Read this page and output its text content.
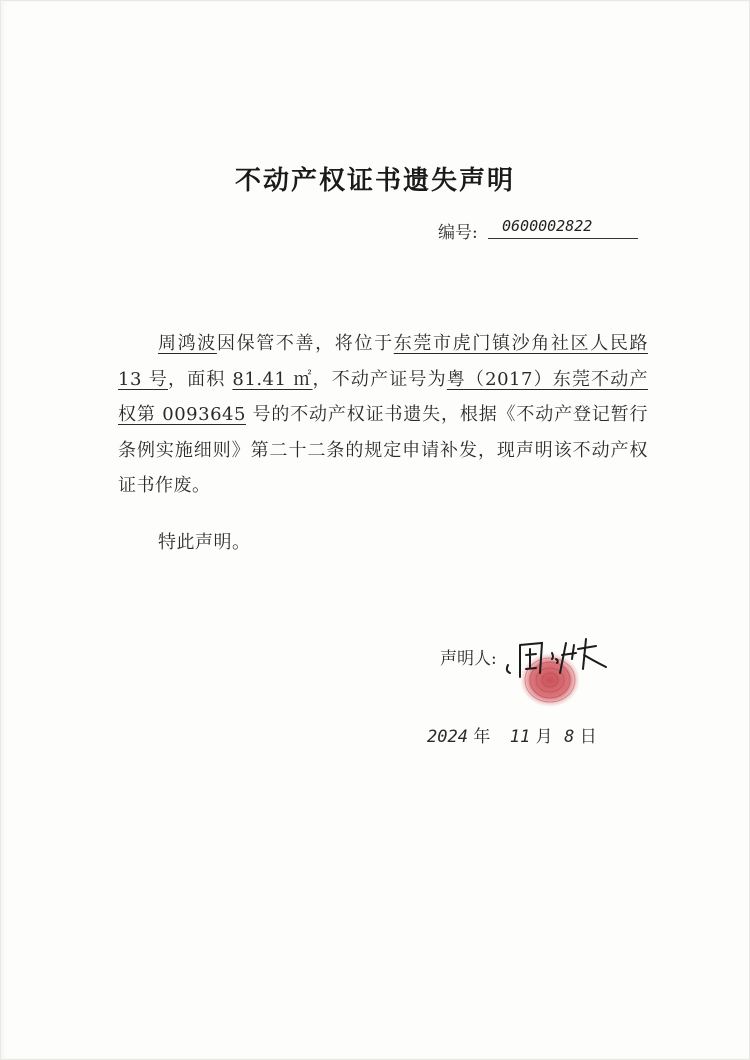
不动产权证书遗失声明
编号:	0600002822
周鸿波因保管不善，将位于东莞市虎门镇沙角社区人民路 13 号，面积 81.41 ㎡，不动产证号为粤（2017）东莞不动产权第 0093645 号的不动产权证书遗失，根据《不动产登记暂行条例实施细则》第二十二条的规定申请补发，现声明该不动产权证书作废。
特此声明。
声明人:
2024 年 11 月 8 日
